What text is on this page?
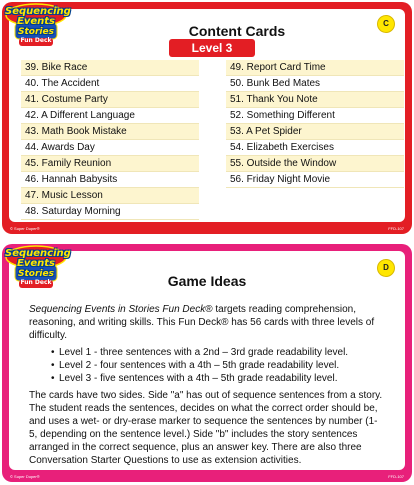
Sequencing Events
Stories
Fun Deck
C
Content Cards
Level 3
39. Bike Race
40. The Accident
41. Costume Party
42. A Different Language
43. Math Book Mistake
44. Awards Day
45. Family Reunion
46. Hannah Babysits
47. Music Lesson
48. Saturday Morning
49. Report Card Time
50. Bunk Bed Mates
51. Thank You Note
52. Something Different
53. A Pet Spider
54. Elizabeth Exercises
55. Outside the Window
56. Friday Night Movie
© Super Duper®	FFD-107
Sequencing Events
Stories
Fun Deck
D
Game Ideas

Sequencing Events in Stories Fun Deck® targets reading comprehension, reasoning, and writing skills. This Fun Deck® has 56 cards with three levels of difficulty.

• Level 1 - three sentences with a 2nd – 3rd grade readability level.
• Level 2 - four sentences with a 4th – 5th grade readability level.
• Level 3 - five sentences with a 4th – 5th grade readability level.

The cards have two sides. Side "a" has out of sequence sentences from a story. The student reads the sentences, decides on what the correct order should be, and uses a wet- or dry-erase marker to sequence the sentences by number (1-5, depending on the sentence level.) Side "b" includes the story sentences arranged in the correct sequence, plus an answer key. There are also three Conversation Starter Questions to use as extension activities.

© Super Duper®	FFD-107
